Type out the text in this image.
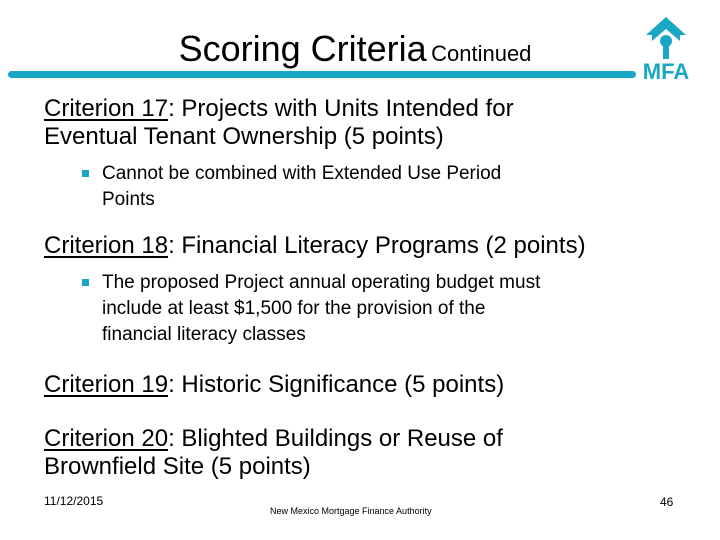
Scoring Criteria Continued
MFA
Criterion 17: Projects with Units Intended for
Eventual Tenant Ownership (5 points)
Cannot be combined with Extended Use Period
Points
Criterion 18: Financial Literacy Programs (2 points)
The proposed Project annual operating budget must
include at least $1,500 for the provision of the
financial literacy classes
Criterion 19: Historic Significance (5 points)
Criterion 20: Blighted Buildings or Reuse of
Brownfield Site (5 points)
11/12/2015
New Mexico Mortgage Finance Authority
46
